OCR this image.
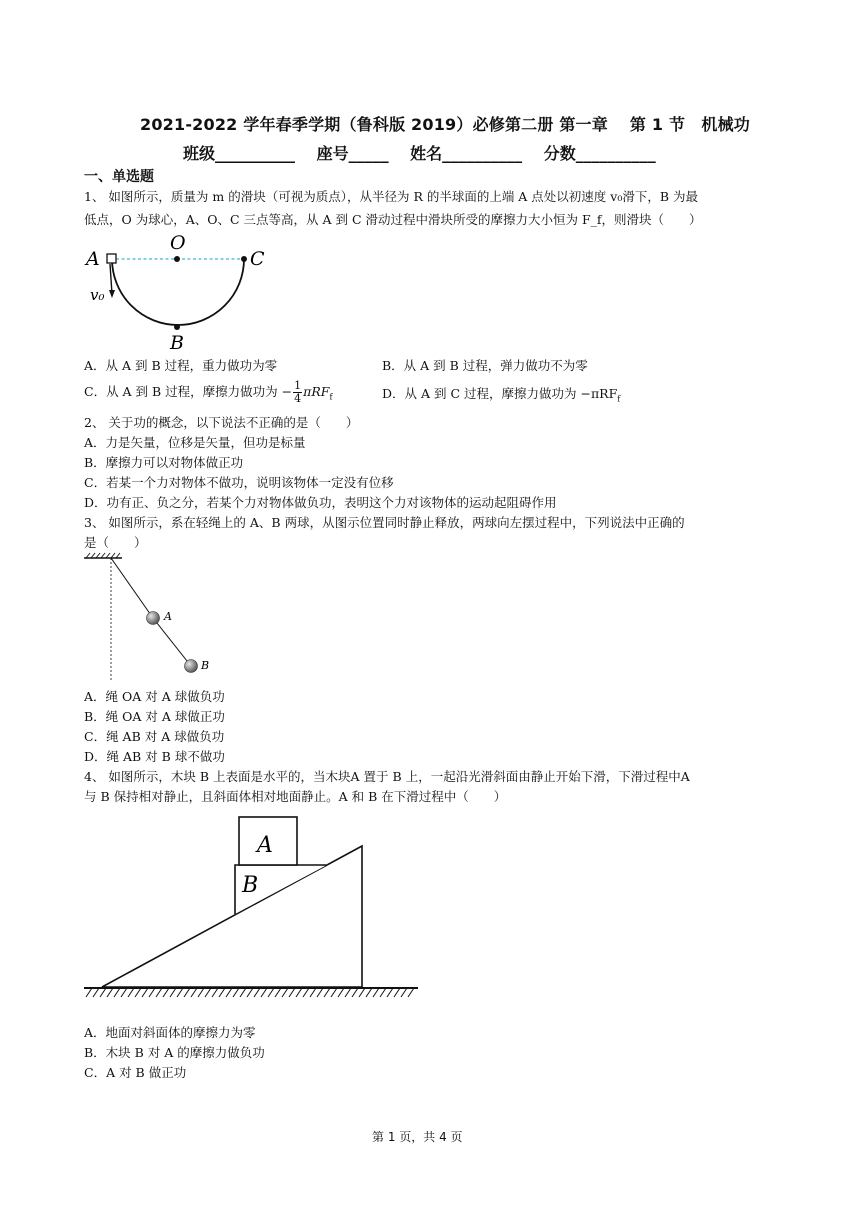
2021-2022 学年春季学期（鲁科版 2019）必修第二册 第一章　 第 1 节　机械功
班级__________　 座号_____　 姓名__________　 分数__________
一、单选题
1、 如图所示，质量为 m 的滑块（可视为质点），从半径为 R 的半球面的上端 A 点处以初速度 v₀滑下，B 为最
低点，O 为球心，A、O、C 三点等高，从 A 到 C 滑动过程中滑块所受的摩擦力大小恒为 F_f，则滑块（　　）
A
O
C
B
v₀
A．从 A 到 B 过程，重力做功为零	B．从 A 到 B 过程，弹力做功不为零
C．从 A 到 B 过程，摩擦力做功为 − $\frac{1}{4} \pi RF_f$	D．从 A 到 C 过程，摩擦力做功为 −πRF$_f$
2、 关于功的概念，以下说法不正确的是（　　）
A．力是矢量，位移是矢量，但功是标量
B．摩擦力可以对物体做正功
C．若某一个力对物体不做功，说明该物体一定没有位移
D．功有正、负之分，若某个力对物体做负功，表明这个力对该物体的运动起阻碍作用
3、 如图所示，系在轻绳上的 A、B 两球，从图示位置同时静止释放，两球向左摆过程中，下列说法中正确的
是（　　）
A
B
A．绳 OA 对 A 球做负功
B．绳 OA 对 A 球做正功
C．绳 AB 对 A 球做负功
D．绳 AB 对 B 球不做功
4、 如图所示，木块 B 上表面是水平的，当木块A 置于 B 上，一起沿光滑斜面由静止开始下滑，下滑过程中A
与 B 保持相对静止，且斜面体相对地面静止。A 和 B 在下滑过程中（　　）
A
B
A．地面对斜面体的摩擦力为零
B．木块 B 对 A 的摩擦力做负功
C．A 对 B 做正功
第 1 页，共 4 页
